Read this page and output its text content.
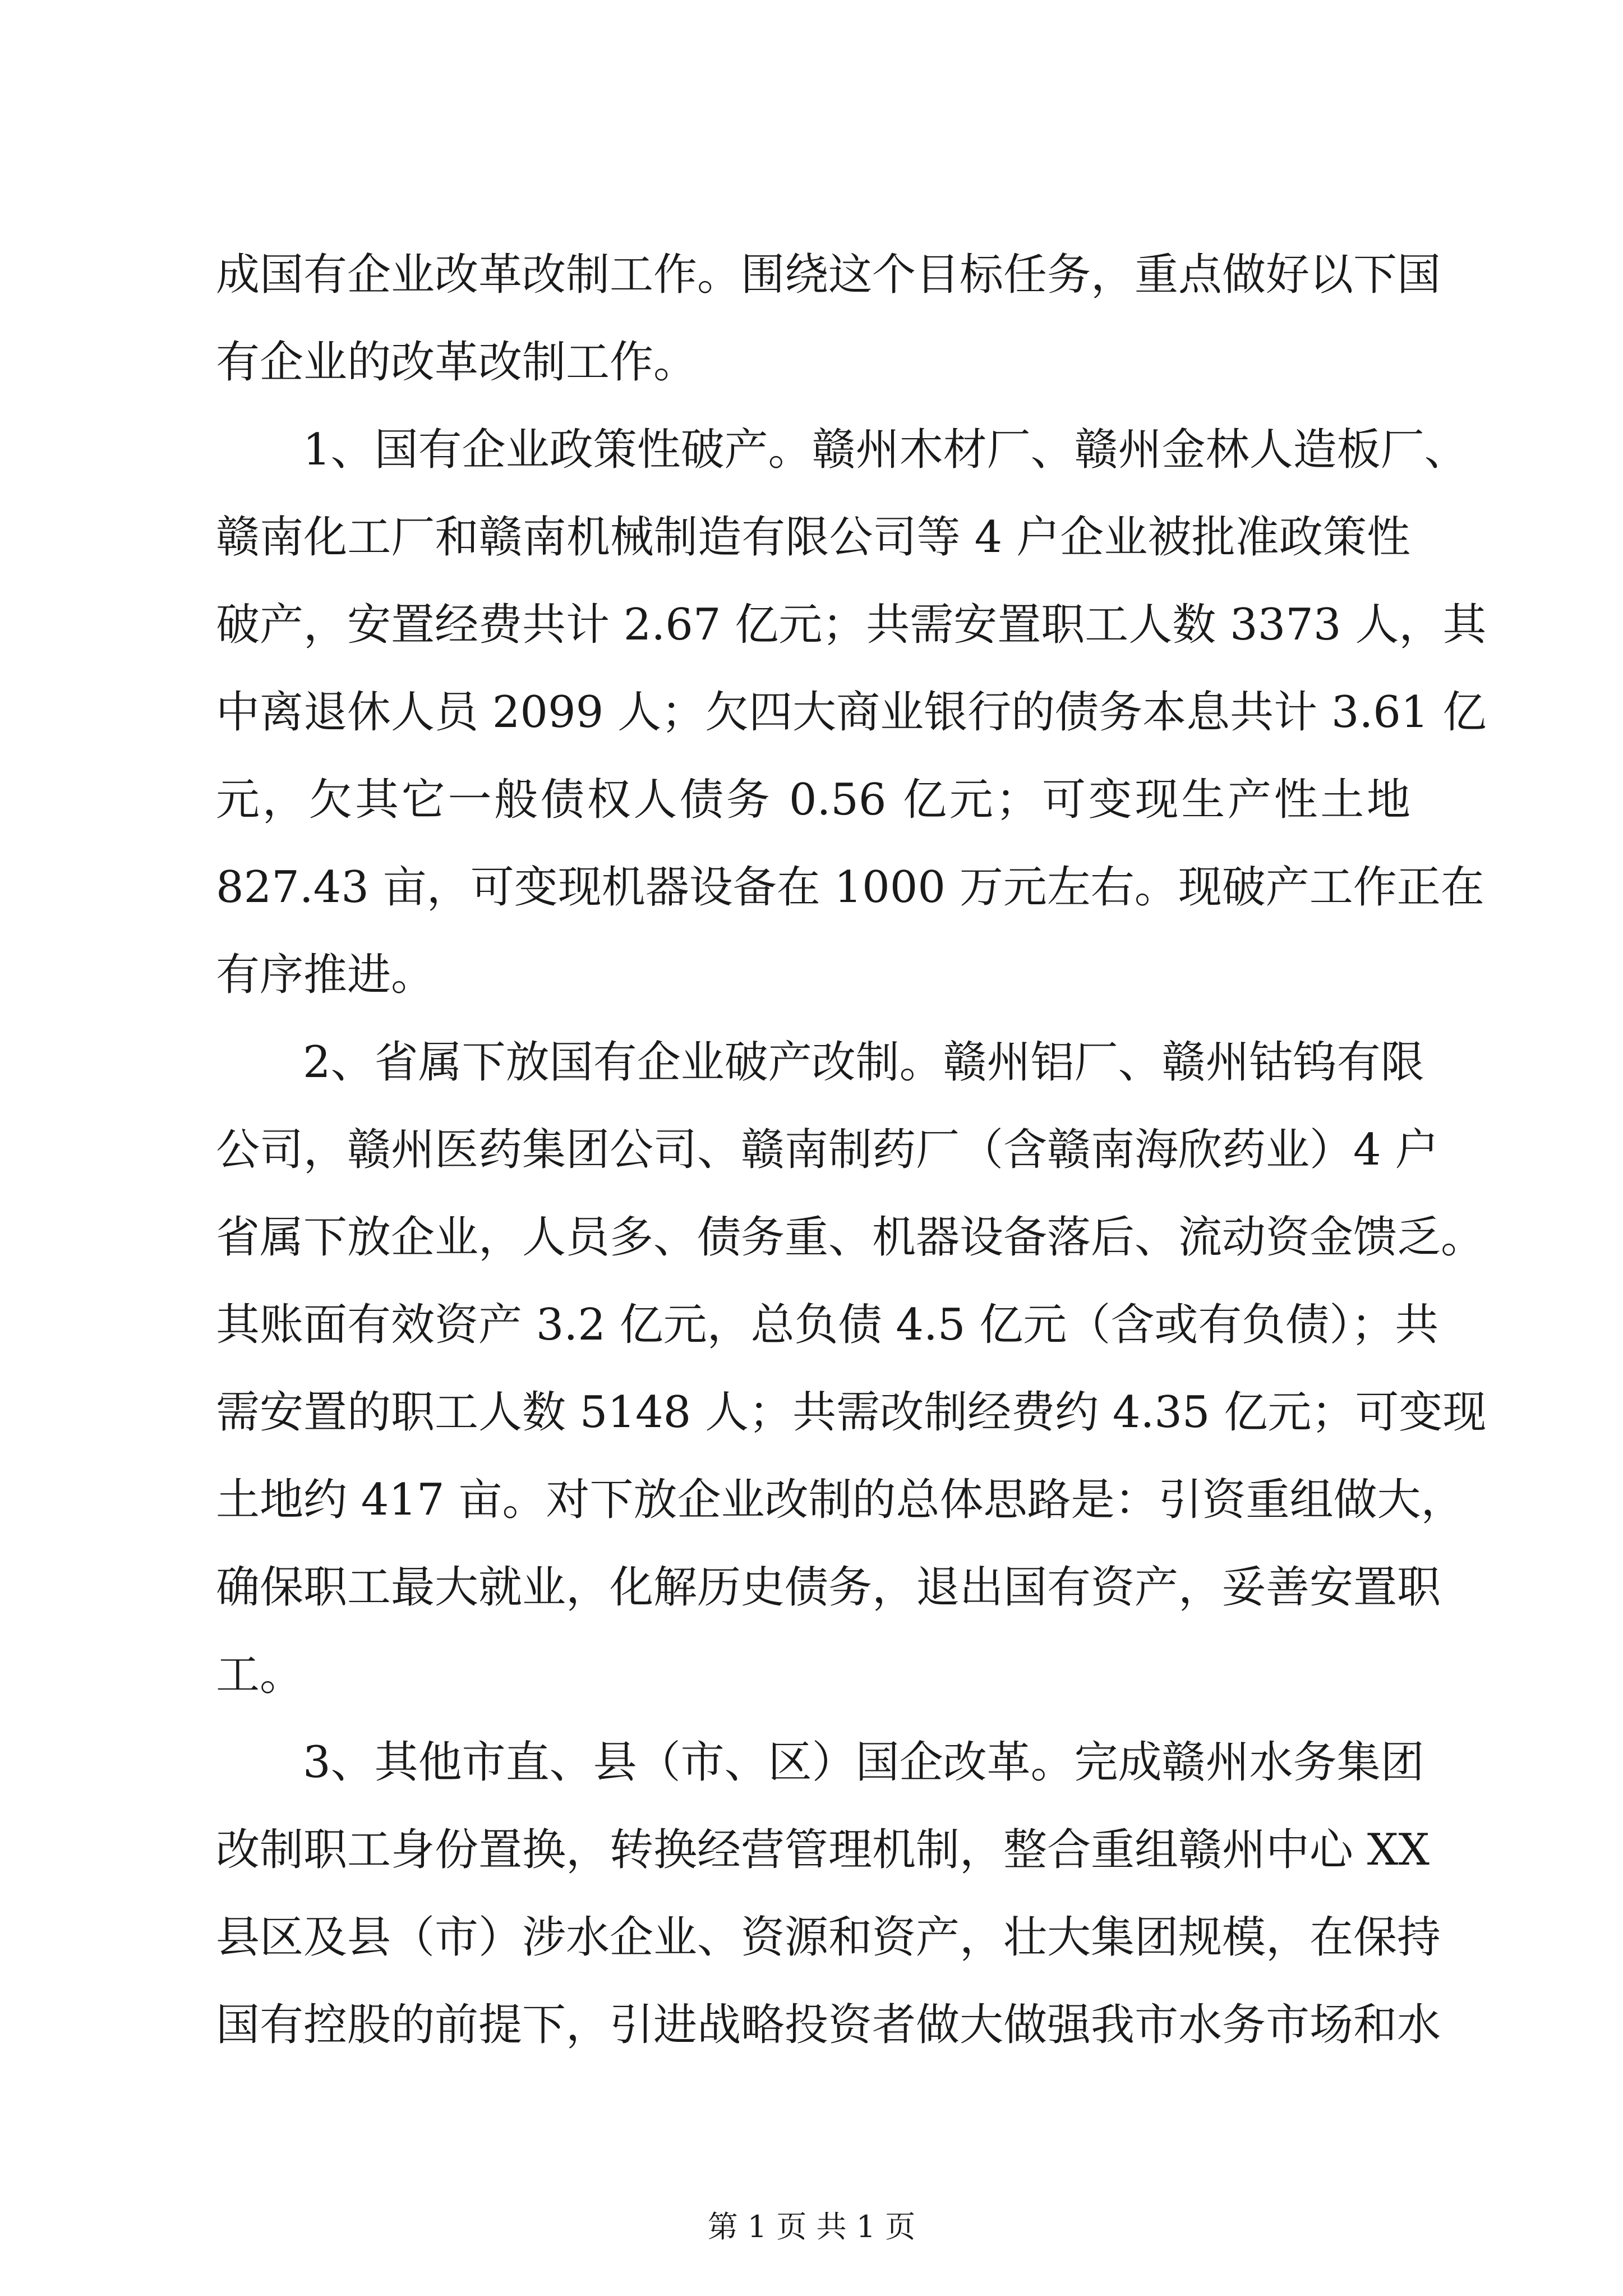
成国有企业改革改制工作。围绕这个目标任务，重点做好以下国
有企业的改革改制工作。
1、国有企业政策性破产。赣州木材厂、赣州金林人造板厂、
赣南化工厂和赣南机械制造有限公司等 4 户企业被批准政策性
破产，安置经费共计 2.67 亿元；共需安置职工人数 3373 人，其
中离退休人员 2099 人；欠四大商业银行的债务本息共计 3.61 亿
元，欠其它一般债权人债务 0.56 亿元；可变现生产性土地
827.43 亩，可变现机器设备在 1000 万元左右。现破产工作正在
有序推进。
2、省属下放国有企业破产改制。赣州铝厂、赣州钴钨有限
公司，赣州医药集团公司、赣南制药厂（含赣南海欣药业）4 户
省属下放企业，人员多、债务重、机器设备落后、流动资金馈乏。
其账面有效资产 3.2 亿元，总负债 4.5 亿元（含或有负债）；共
需安置的职工人数 5148 人；共需改制经费约 4.35 亿元；可变现
土地约 417 亩。对下放企业改制的总体思路是：引资重组做大，
确保职工最大就业，化解历史债务，退出国有资产，妥善安置职
工。
3、其他市直、县（市、区）国企改革。完成赣州水务集团
改制职工身份置换，转换经营管理机制，整合重组赣州中心 XX
县区及县（市）涉水企业、资源和资产，壮大集团规模，在保持
国有控股的前提下，引进战略投资者做大做强我市水务市场和水
第 1 页 共 1 页
